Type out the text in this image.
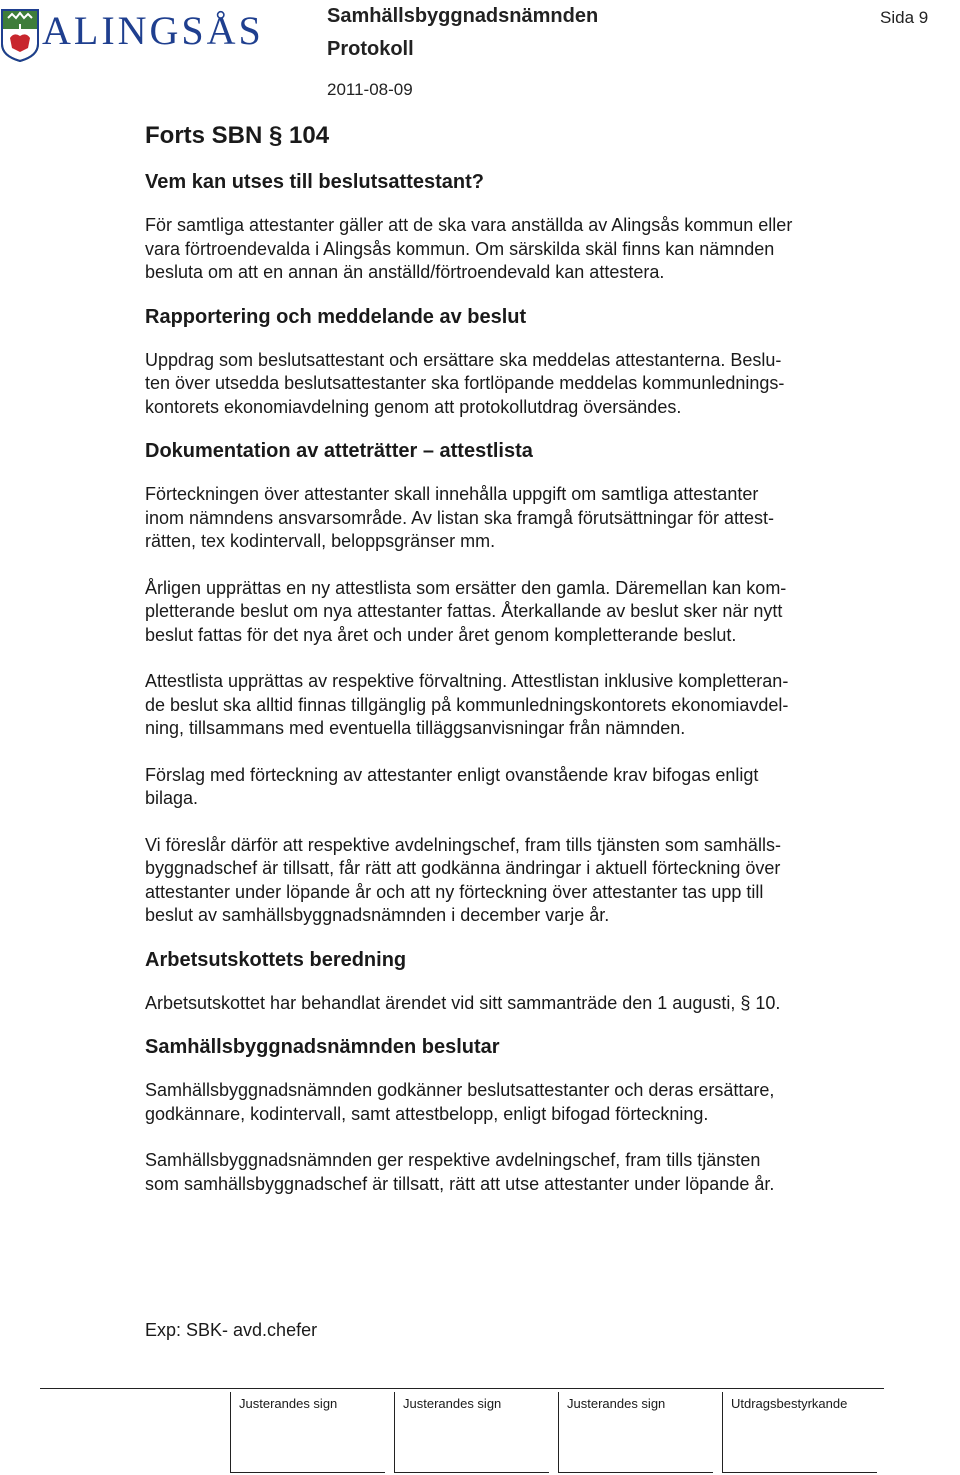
ALINGSÅS	Samhällsbyggnadsnämnden
Protokoll
2011-08-09
Sida 9
Forts SBN § 104
Vem kan utses till beslutsattestant?

För samtliga attestanter gäller att de ska vara anställda av Alingsås kommun eller
vara förtroendevalda i Alingsås kommun. Om särskilda skäl finns kan nämnden
besluta om att en annan än anställd/förtroendevald kan attestera.

Rapportering och meddelande av beslut

Uppdrag som beslutsattestant och ersättare ska meddelas attestanterna. Beslu-
ten över utsedda beslutsattestanter ska fortlöpande meddelas kommunlednings-
kontorets ekonomiavdelning genom att protokollutdrag översändes.

Dokumentation av atteträtter – attestlista

Förteckningen över attestanter skall innehålla uppgift om samtliga attestanter
inom nämndens ansvarsområde. Av listan ska framgå förutsättningar för attest-
rätten, tex kodintervall, beloppsgränser mm.

Årligen upprättas en ny attestlista som ersätter den gamla. Däremellan kan kom-
pletterande beslut om nya attestanter fattas. Återkallande av beslut sker när nytt
beslut fattas för det nya året och under året genom kompletterande beslut.

Attestlista upprättas av respektive förvaltning. Attestlistan inklusive kompletteran-
de beslut ska alltid finnas tillgänglig på kommunledningskontorets ekonomiavdel-
ning, tillsammans med eventuella tilläggsanvisningar från nämnden.

Förslag med förteckning av attestanter enligt ovanstående krav bifogas enligt
bilaga.

Vi föreslår därför att respektive avdelningschef, fram tills tjänsten som samhälls-
byggnadschef är tillsatt, får rätt att godkänna ändringar i aktuell förteckning över
attestanter under löpande år och att ny förteckning över attestanter tas upp till
beslut av samhällsbyggnadsnämnden i december varje år.

Arbetsutskottets beredning

Arbetsutskottet har behandlat ärendet vid sitt sammanträde den 1 augusti, § 10.

Samhällsbyggnadsnämnden beslutar

Samhällsbyggnadsnämnden godkänner beslutsattestanter och deras ersättare,
godkännare, kodintervall, samt attestbelopp, enligt bifogad förteckning.

Samhällsbyggnadsnämnden ger respektive avdelningschef, fram tills tjänsten
som samhällsbyggnadschef är tillsatt, rätt att utse attestanter under löpande år.

Exp: SBK- avd.chefer
Justerandes sign	Justerandes sign	Justerandes sign	Utdragsbestyrkande
